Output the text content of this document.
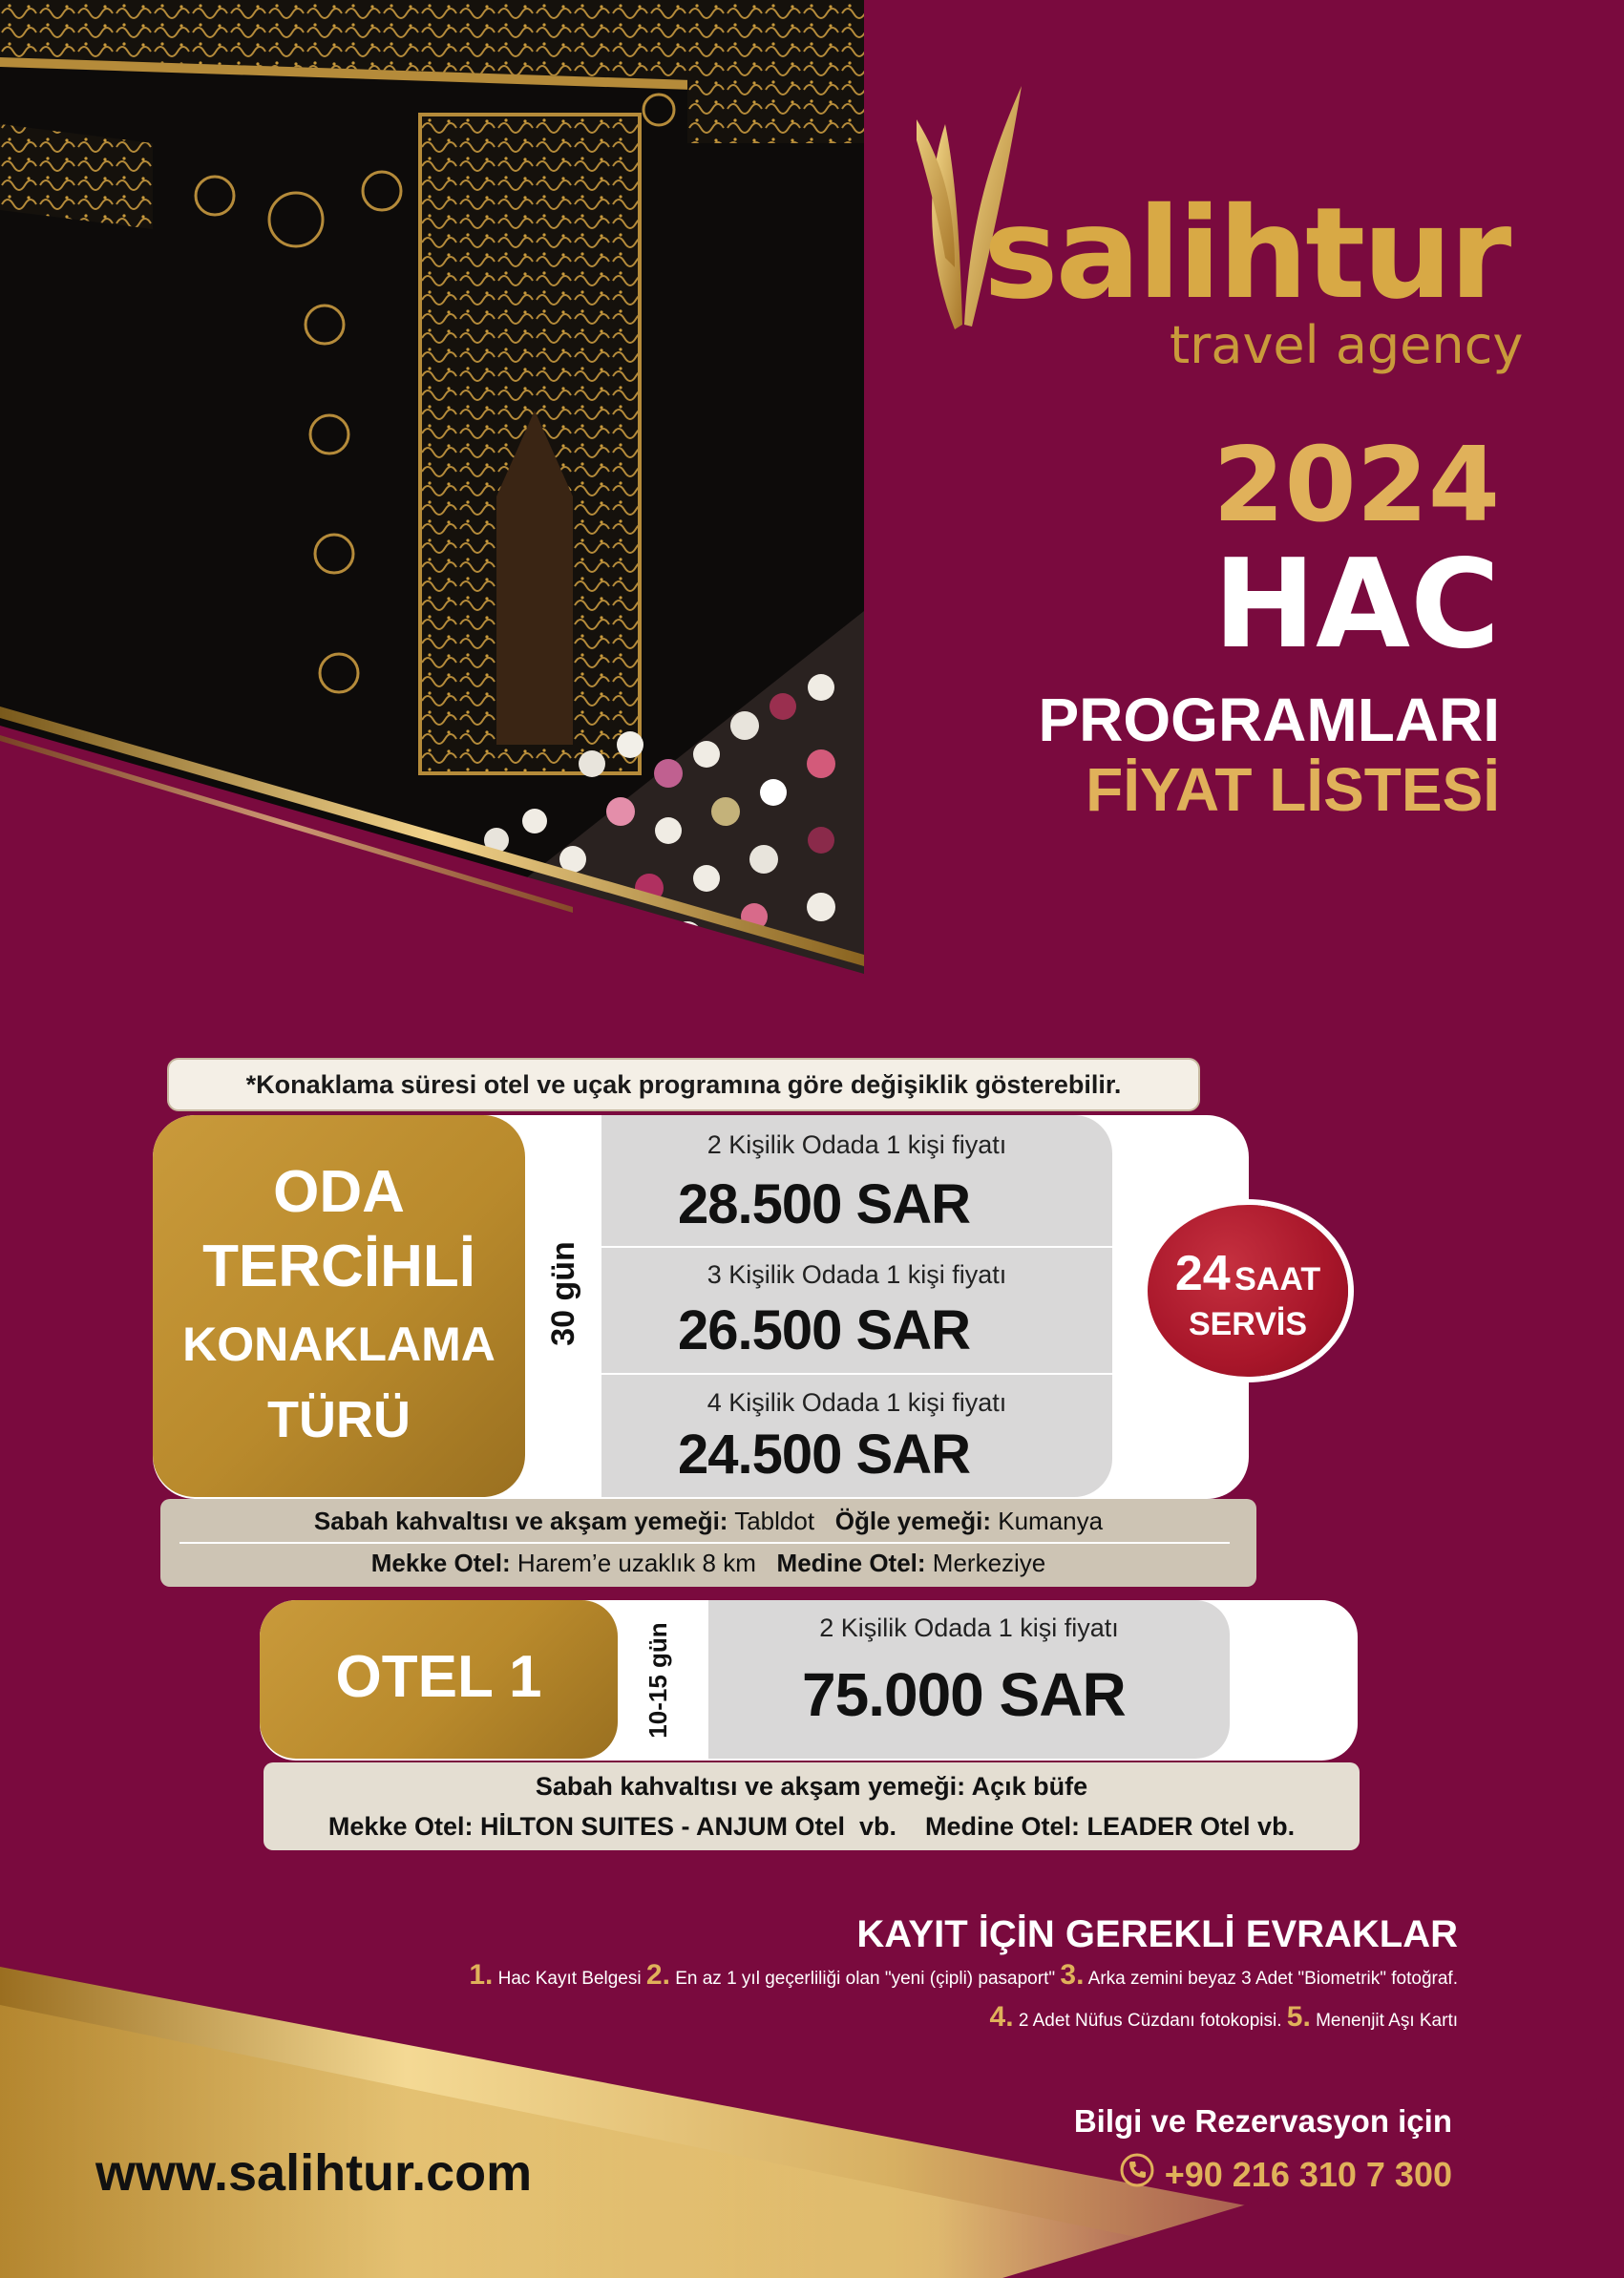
salihtur
travel agency
2024
HAC
PROGRAMLARI
FİYAT LİSTESİ
*Konaklama süresi otel ve uçak programına göre değişiklik gösterebilir.
ODA
TERCİHLİ
KONAKLAMA
TÜRÜ
30 gün
2 Kişilik Odada 1 kişi fiyatı
28.500 SAR
3 Kişilik Odada 1 kişi fiyatı
26.500 SAR
4 Kişilik Odada 1 kişi fiyatı
24.500 SAR
24 SAAT
SERVİS
Sabah kahvaltısı ve akşam yemeği: Tabldot Öğle yemeği: Kumanya
Mekke Otel: Harem’e uzaklık 8 km Medine Otel: Merkeziye
OTEL 1	10-15 gün	2 Kişilik Odada 1 kişi fiyatı
75.000 SAR
Sabah kahvaltısı ve akşam yemeği: Açık büfe
Mekke Otel: HİLTON SUITES - ANJUM Otel  vb.    Medine Otel: LEADER Otel vb.
KAYIT İÇİN GEREKLİ EVRAKLAR
1. Hac Kayıt Belgesi 2. En az 1 yıl geçerliliği olan "yeni (çipli) pasaport" 3. Arka zemini beyaz 3 Adet "Biometrik" fotoğraf.
4. 2 Adet Nüfus Cüzdanı fotokopisi. 5. Menenjit Aşı Kartı
www.salihtur.com
Bilgi ve Rezervasyon için
+90 216 310 7 300
